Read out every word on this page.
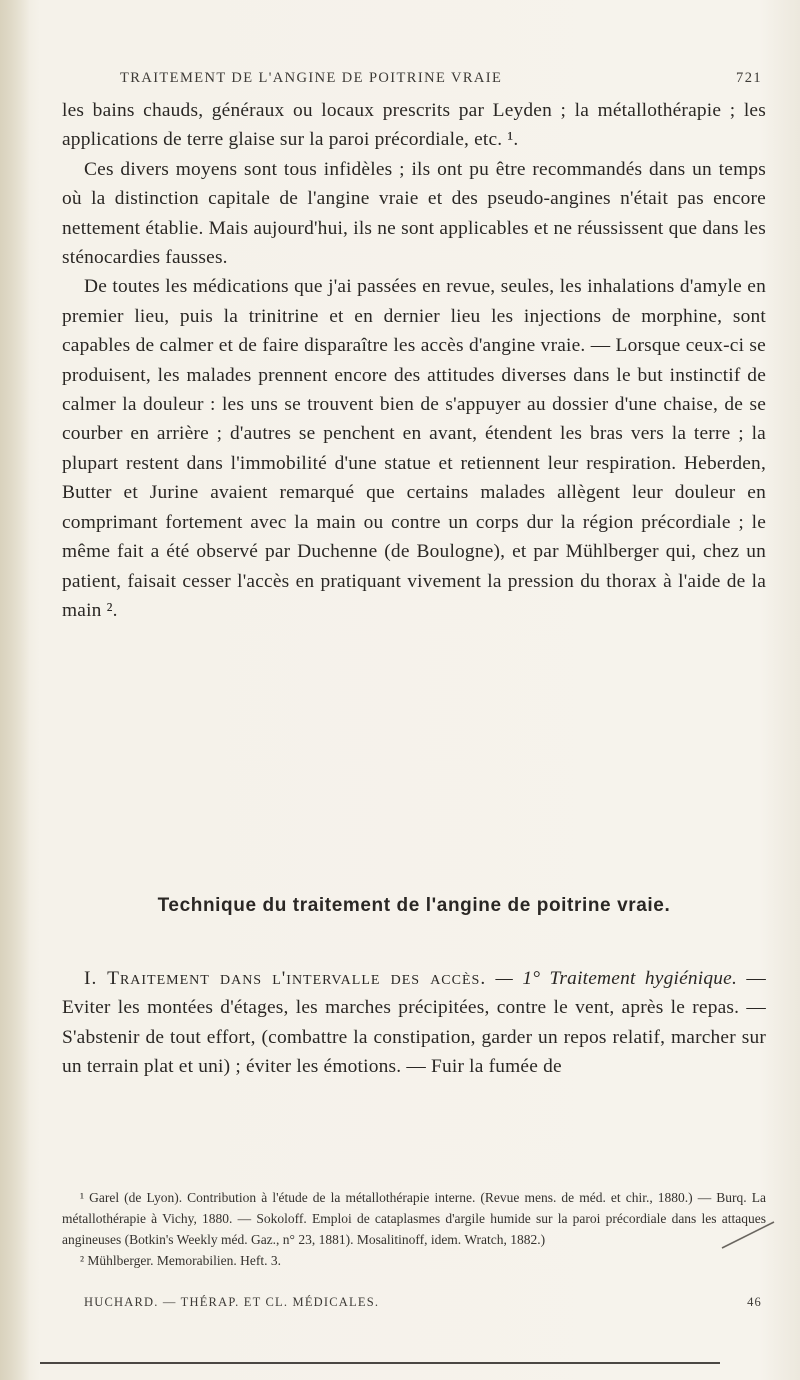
TRAITEMENT DE L'ANGINE DE POITRINE VRAIE	721

les bains chauds, généraux ou locaux prescrits par Leyden ; la métallothérapie ; les applications de terre glaise sur la paroi précordiale, etc. ¹.

Ces divers moyens sont tous infidèles ; ils ont pu être recommandés dans un temps où la distinction capitale de l'angine vraie et des pseudo-angines n'était pas encore nettement établie. Mais aujourd'hui, ils ne sont applicables et ne réussissent que dans les sténocardies fausses.

De toutes les médications que j'ai passées en revue, seules, les inhalations d'amyle en premier lieu, puis la trinitrine et en dernier lieu les injections de morphine, sont capables de calmer et de faire disparaître les accès d'angine vraie. — Lorsque ceux-ci se produisent, les malades prennent encore des attitudes diverses dans le but instinctif de calmer la douleur : les uns se trouvent bien de s'appuyer au dossier d'une chaise, de se courber en arrière ; d'autres se penchent en avant, étendent les bras vers la terre ; la plupart restent dans l'immobilité d'une statue et retiennent leur respiration. Heberden, Butter et Jurine avaient remarqué que certains malades allègent leur douleur en comprimant fortement avec la main ou contre un corps dur la région précordiale ; le même fait a été observé par Duchenne (de Boulogne), et par Mühlberger qui, chez un patient, faisait cesser l'accès en pratiquant vivement la pression du thorax à l'aide de la main ².

Technique du traitement de l'angine de poitrine vraie.
I. Traitement dans l'intervalle des accès. — 1° Traitement hygiénique. — Eviter les montées d'étages, les marches précipitées, contre le vent, après le repas. — S'abstenir de tout effort, (combattre la constipation, garder un repos relatif, marcher sur un terrain plat et uni) ; éviter les émotions. — Fuir la fumée de

¹ Garel (de Lyon). Contribution à l'étude de la métallothérapie interne. (Revue mens. de méd. et chir., 1880.) — Burq. La métallothérapie à Vichy, 1880. — Sokoloff. Emploi de cataplasmes d'argile humide sur la paroi précordiale dans les attaques angineuses (Botkin's Weekly méd. Gaz., n° 23, 1881). Mosalitinoff, idem. Wratch, 1882.)

² Mühlberger. Memorabilien. Heft. 3.

HUCHARD. — THÉRAP. ET CL. MÉDICALES.	46
